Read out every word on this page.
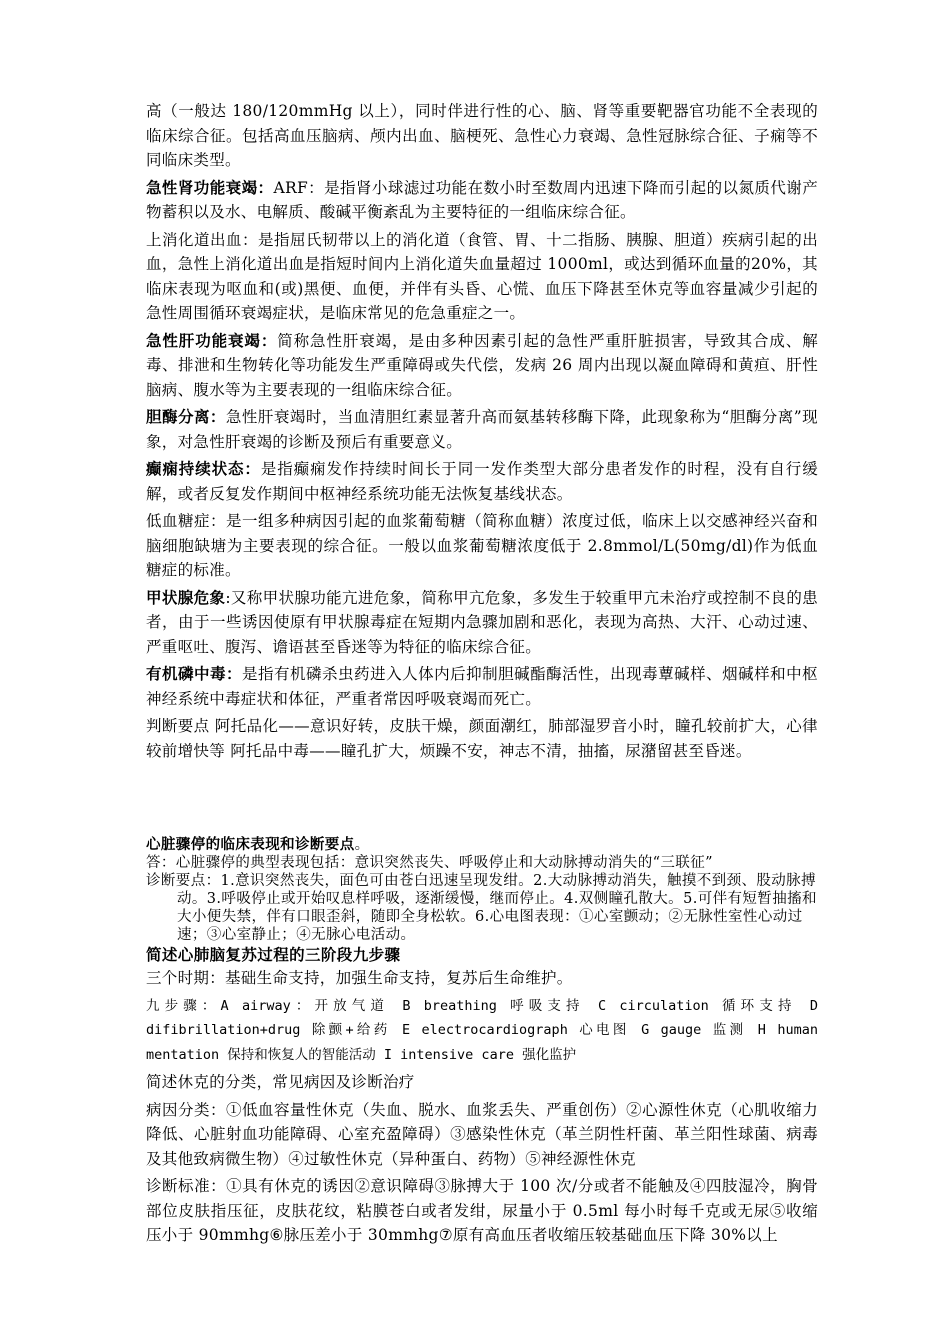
高（一般达 180/120mmHg 以上），同时伴进行性的心、脑、肾等重要靶器官功能不全表现的临床综合征。包括高血压脑病、颅内出血、脑梗死、急性心力衰竭、急性冠脉综合征、子痫等不同临床类型。

急性肾功能衰竭：ARF：是指肾小球滤过功能在数小时至数周内迅速下降而引起的以氮质代谢产物蓄积以及水、电解质、酸碱平衡紊乱为主要特征的一组临床综合征。

上消化道出血：是指屈氏韧带以上的消化道（食管、胃、十二指肠、胰腺、胆道）疾病引起的出血，急性上消化道出血是指短时间内上消化道失血量超过 1000ml，或达到循环血量的20%，其临床表现为呕血和(或)黑便、血便，并伴有头昏、心慌、血压下降甚至休克等血容量减少引起的急性周围循环衰竭症状，是临床常见的危急重症之一。

急性肝功能衰竭：简称急性肝衰竭，是由多种因素引起的急性严重肝脏损害，导致其合成、解毒、排泄和生物转化等功能发生严重障碍或失代偿，发病 26 周内出现以凝血障碍和黄疸、肝性脑病、腹水等为主要表现的一组临床综合征。

胆酶分离：急性肝衰竭时，当血清胆红素显著升高而氨基转移酶下降，此现象称为“胆酶分离”现象，对急性肝衰竭的诊断及预后有重要意义。

癫痫持续状态：是指癫痫发作持续时间长于同一发作类型大部分患者发作的时程，没有自行缓解，或者反复发作期间中枢神经系统功能无法恢复基线状态。

低血糖症：是一组多种病因引起的血浆葡萄糖（简称血糖）浓度过低，临床上以交感神经兴奋和脑细胞缺塘为主要表现的综合征。一般以血浆葡萄糖浓度低于 2.8mmol/L(50mg/dl)作为低血糖症的标准。

甲状腺危象:又称甲状腺功能亢进危象，简称甲亢危象，多发生于较重甲亢未治疗或控制不良的患者，由于一些诱因使原有甲状腺毒症在短期内急骤加剧和恶化，表现为高热、大汗、心动过速、严重呕吐、腹泻、谵语甚至昏迷等为特征的临床综合征。

有机磷中毒：是指有机磷杀虫药进入人体内后抑制胆碱酯酶活性，出现毒蕈碱样、烟碱样和中枢神经系统中毒症状和体征，严重者常因呼吸衰竭而死亡。

判断要点 阿托品化——意识好转，皮肤干燥，颜面潮红，肺部湿罗音小时，瞳孔较前扩大，心律较前增快等 阿托品中毒——瞳孔扩大，烦躁不安，神志不清，抽搐，尿潴留甚至昏迷。

心脏骤停的临床表现和诊断要点。

答：心脏骤停的典型表现包括：意识突然丧失、呼吸停止和大动脉搏动消失的“三联征”

诊断要点：1.意识突然丧失，面色可由苍白迅速呈现发绀。2.大动脉搏动消失，触摸不到颈、股动脉搏动。3.呼吸停止或开始叹息样呼吸，逐渐缓慢，继而停止。4.双侧瞳孔散大。5.可伴有短暂抽搐和大小便失禁，伴有口眼歪斜，随即全身松软。6.心电图表现：①心室颤动；②无脉性室性心动过速；③心室静止；④无脉心电活动。

简述心肺脑复苏过程的三阶段九步骤

三个时期：基础生命支持，加强生命支持，复苏后生命维护。

九步骤：A airway：开放气道 B breathing 呼吸支持 C circulation 循环支持 D difibrillation+drug 除颤+给药 E electrocardiograph 心电图 G gauge 监测 H human mentation 保持和恢复人的智能活动 I intensive care 强化监护

简述休克的分类，常见病因及诊断治疗

病因分类：①低血容量性休克（失血、脱水、血浆丢失、严重创伤）②心源性休克（心肌收缩力降低、心脏射血功能障碍、心室充盈障碍）③感染性休克（革兰阴性杆菌、革兰阳性球菌、病毒及其他致病微生物）④过敏性休克（异种蛋白、药物）⑤神经源性休克

诊断标准：①具有休克的诱因②意识障碍③脉搏大于 100 次/分或者不能触及④四肢湿冷，胸骨部位皮肤指压征，皮肤花纹，粘膜苍白或者发绀，尿量小于 0.5ml 每小时每千克或无尿⑤收缩压小于 90mmhg⑥脉压差小于 30mmhg⑦原有高血压者收缩压较基础血压下降 30%以上
